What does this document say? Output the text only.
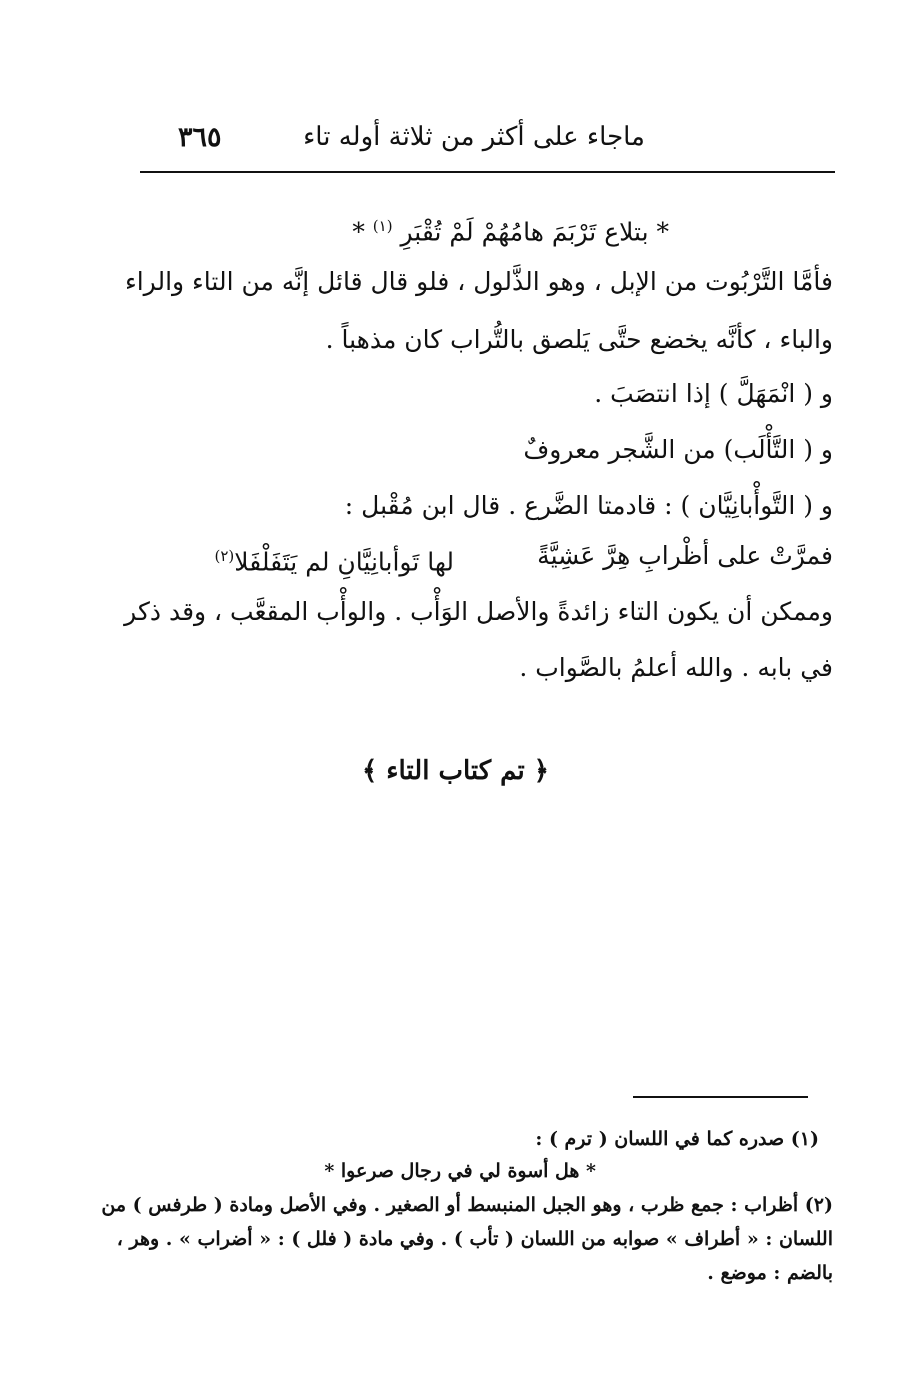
ماجاء على أكثر من ثلاثة أوله تاء
٣٦٥
* بتلاع تَرْبَمَ هامُهُمْ لَمْ تُقْبَرِ $^{(١)}$ *
فأمَّا التَّرْبُوت من الإبل ، وهو الذَّلول ، فلو قال قائل إنَّه من التاء والراء
والباء ، كأنَّه يخضع حتَّى يَلصق بالتُّراب كان مذهباً .
و ( انْمَهَلَّ ) إذا انتصَبَ .
و ( التَّأْلَب) من الشَّجر معروفٌ
و ( التَّوأْبانِيَّان ) : قادمتا الضَّرع . قال ابن مُقْبل :
فمرَّتْ على أظْرابِ هِرَّ عَشِيَّةً
لها تَوأبانِيَّانِ لم يَتَفَلْفَلا$^{(٢)}$
وممكن أن يكون التاء زائدةً والأصل الوَأْب . والوأْب المقعَّب ، وقد ذكر
في بابه . والله أعلمُ بالصَّواب .
﴿ تم كتاب التاء ﴾
(١) صدره كما في اللسان ( ترم ) :
* هل أسوة لي في رجال صرعوا *
(٢) أظراب : جمع ظرب ، وهو الجبل المنبسط أو الصغير . وفي الأصل ومادة ( طرفس ) من
اللسان : « أطراف » صوابه من اللسان ( تأب ) . وفي مادة ( فلل ) : « أضراب » . وهر ،
بالضم : موضع .
